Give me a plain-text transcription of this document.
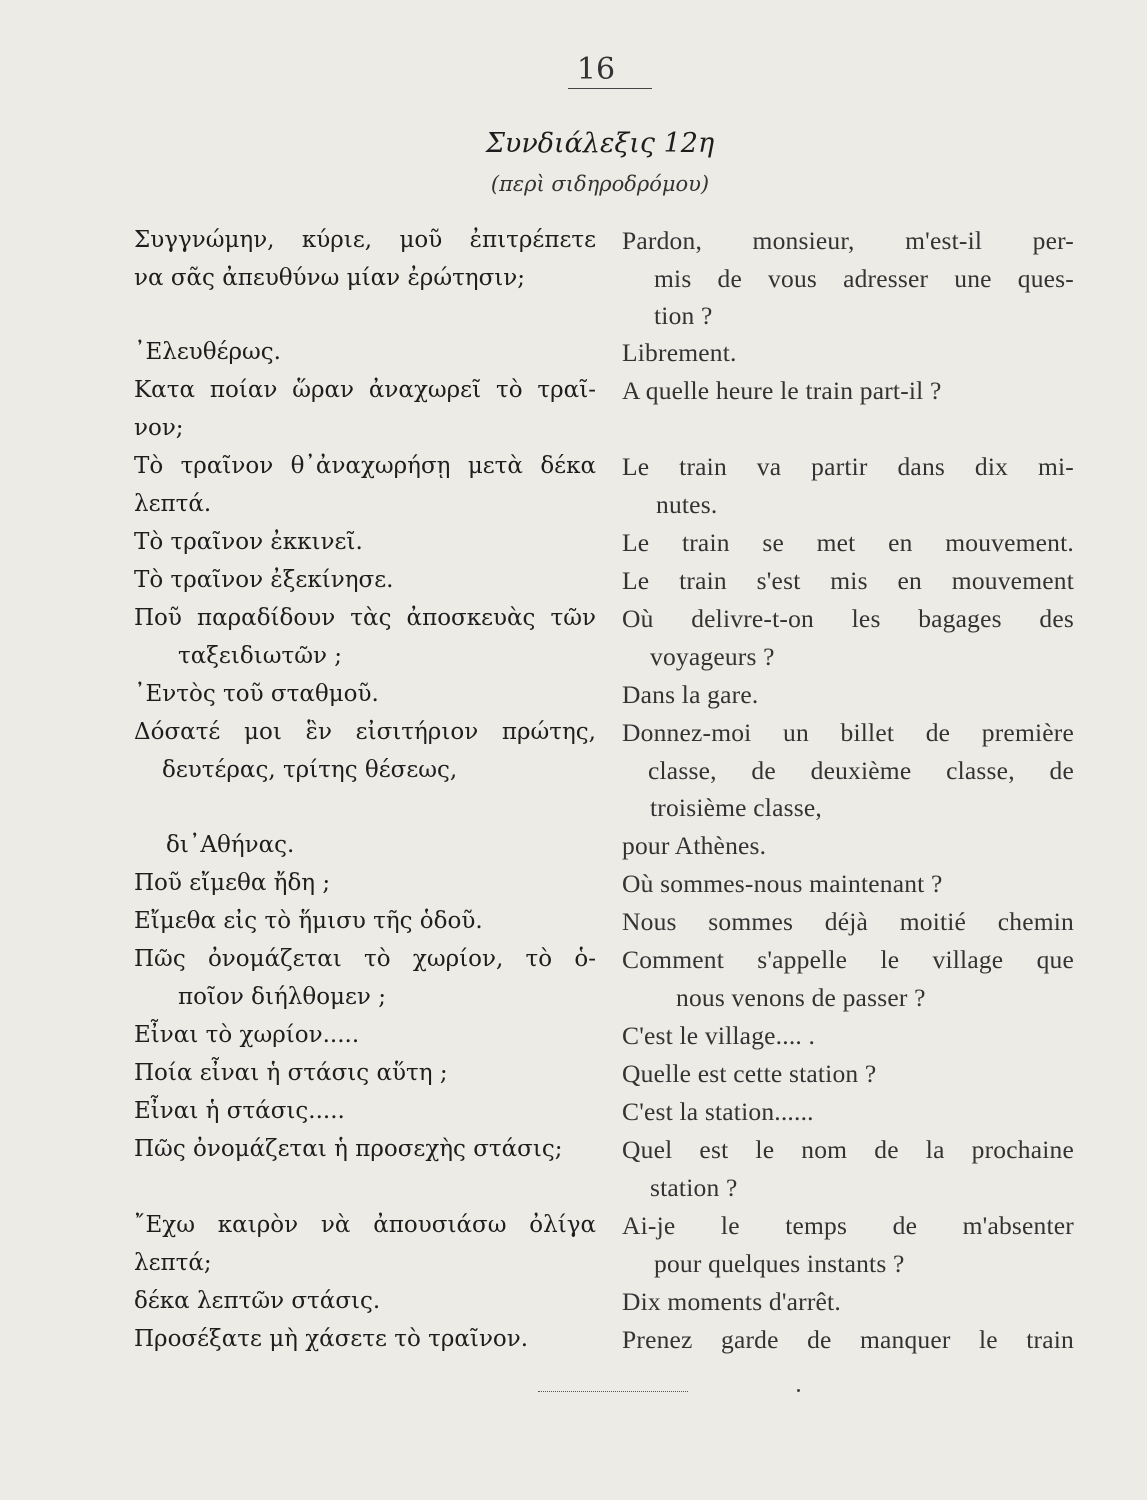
16
Συνδιάλεξις 12η
(περὶ σιδηροδρόμου)
Συγγνώμην, κύριε, μοῦ ἐπιτρέπετε
να σᾶς ἀπευθύνω μίαν ἐρώτησιν;
᾿Ελευθέρως.
Κατα ποίαν ὥραν ἀναχωρεῖ τὸ τραῖ-
νον;
Τὸ τραῖνον θ᾿ἀναχωρήσῃ μετὰ δέκα
λεπτά.
Τὸ τραῖνον ἐκκινεῖ.
Τὸ τραῖνον ἐξεκίνησε.
Ποῦ παραδίδουν τὰς ἀποσκευὰς τῶν
ταξειδιωτῶν ;
᾿Εντὸς τοῦ σταθμοῦ.
Δόσατέ μοι ἓν εἰσιτήριον πρώτης,
δευτέρας, τρίτης θέσεως,
δι᾿Αθήνας.
Ποῦ εἴμεθα ἤδη ;
Εἴμεθα εἰς τὸ ἥμισυ τῆς ὁδοῦ.
Πῶς ὀνομάζεται τὸ χωρίον, τὸ ὁ-
ποῖον διήλθομεν ;
Εἶναι τὸ χωρίον.....
Ποία εἶναι ἡ στάσις αὕτη ;
Εἶναι ἡ στάσις.....
Πῶς ὀνομάζεται ἡ προσεχὴς στάσις;
῎Εχω καιρὸν νὰ ἀπουσιάσω ὀλίγα
λεπτά;
δέκα λεπτῶν στάσις.
Προσέξατε μὴ χάσετε τὸ τραῖνον.
Pardon, monsieur, m'est-il per-
mis de vous adresser une ques-
tion ?
Librement.
A quelle heure le train part-il ?
Le train va partir dans dix mi-
nutes.
Le train se met en mouvement.
Le train s'est mis en mouvement
Où delivre-t-on les bagages des
voyageurs ?
Dans la gare.
Donnez-moi un billet de première
classe, de deuxième classe, de
troisième classe,
pour Athènes.
Où sommes-nous maintenant ?
Nous sommes déjà moitié chemin
Comment s'appelle le village que
nous venons de passer ?
C'est le village.... .
Quelle est cette station ?
C'est la station......
Quel est le nom de la prochaine
station ?
Ai-je le temps de m'absenter
pour quelques instants ?
Dix moments d'arrêt.
Prenez garde de manquer le train
